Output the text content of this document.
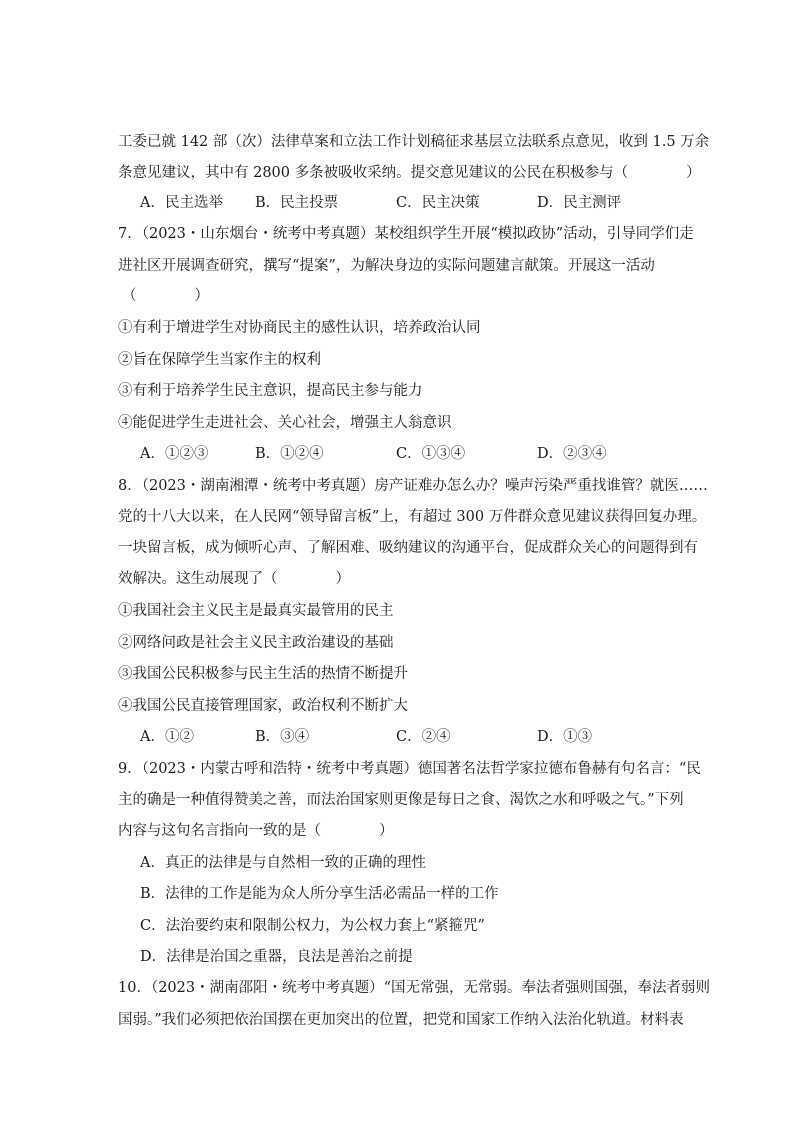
工委已就 142 部（次）法律草案和立法工作计划稿征求基层立法联系点意见，收到 1.5 万余
条意见建议，其中有 2800 多条被吸收采纳。提交意见建议的公民在积极参与（　　　　）
A．民主选举 B．民主投票	C．民主决策	D．民主测评
7．（2023・山东烟台・统考中考真题）某校组织学生开展“模拟政协”活动，引导同学们走
进社区开展调查研究，撰写“提案”，为解决身边的实际问题建言献策。开展这一活动
（　　　　）
①有利于增进学生对协商民主的感性认识，培养政治认同
②旨在保障学生当家作主的权利
③有利于培养学生民主意识，提高民主参与能力
④能促进学生走进社会、关心社会，增强主人翁意识
A．①②③	B．①②④	C．①③④	D．②③④
8．（2023・湖南湘潭・统考中考真题）房产证难办怎么办？噪声污染严重找谁管？就医……
党的十八大以来，在人民网“领导留言板”上，有超过 300 万件群众意见建议获得回复办理。
一块留言板，成为倾听心声、了解困难、吸纳建议的沟通平台，促成群众关心的问题得到有
效解决。这生动展现了（　　　　）
①我国社会主义民主是最真实最管用的民主
②网络问政是社会主义民主政治建设的基础
③我国公民积极参与民主生活的热情不断提升
④我国公民直接管理国家，政治权利不断扩大
A．①②	B．③④	C．②④	D．①③
9．（2023・内蒙古呼和浩特・统考中考真题）德国著名法哲学家拉德布鲁赫有句名言：“民
主的确是一种值得赞美之善，而法治国家则更像是每日之食、渴饮之水和呼吸之气。”下列
内容与这句名言指向一致的是（　　　　）
A．真正的法律是与自然相一致的正确的理性
B．法律的工作是能为众人所分享生活必需品一样的工作
C．法治要约束和限制公权力，为公权力套上“紧箍咒”
D．法律是治国之重器，良法是善治之前提
10．（2023・湖南邵阳・统考中考真题）“国无常强，无常弱。奉法者强则国强，奉法者弱则
国弱。”我们必须把依治国摆在更加突出的位置，把党和国家工作纳入法治化轨道。材料表
